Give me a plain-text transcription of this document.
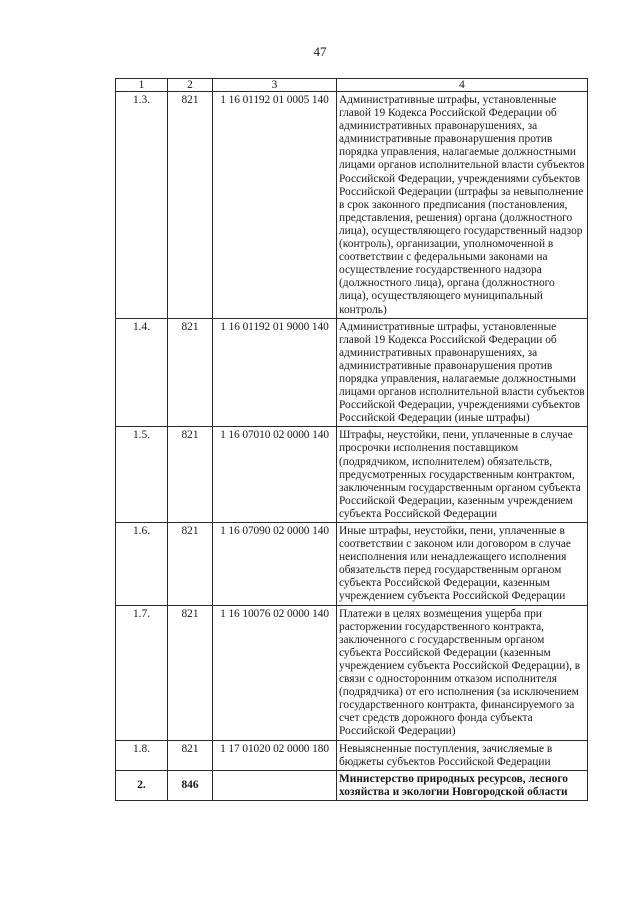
47
1	2	3	4
1.3.	821	1 16 01192 01 0005 140	Административные штрафы, установленные главой 19 Кодекса Российской Федерации об административных правонарушениях, за административные правонарушения против порядка управления, налагаемые должностными лицами органов исполнительной власти субъектов Российской Федерации, учреждениями субъектов Российской Федерации (штрафы за невыполнение в срок законного предписания (постановления, представления, решения) органа (должностного лица), осуществляющего государственный надзор (контроль), организации, уполномоченной в соответствии с федеральными законами на осуществление государственного надзора (должностного лица), органа (должностного лица), осуществляющего муниципальный контроль)
1.4.	821	1 16 01192 01 9000 140	Административные штрафы, установленные главой 19 Кодекса Российской Федерации об административных правонарушениях, за административные правонарушения против порядка управления, налагаемые должностными лицами органов исполнительной власти субъектов Российской Федерации, учреждениями субъектов Российской Федерации (иные штрафы)
1.5.	821	1 16 07010 02 0000 140	Штрафы, неустойки, пени, уплаченные в случае просрочки исполнения поставщиком (подрядчиком, исполнителем) обязательств, предусмотренных государственным контрактом, заключенным государственным органом субъекта Российской Федерации, казенным учреждением субъекта Российской Федерации
1.6.	821	1 16 07090 02 0000 140	Иные штрафы, неустойки, пени, уплаченные в соответствии с законом или договором в случае неисполнения или ненадлежащего исполнения обязательств перед государственным органом субъекта Российской Федерации, казенным учреждением субъекта Российской Федерации
1.7.	821	1 16 10076 02 0000 140	Платежи в целях возмещения ущерба при расторжении государственного контракта, заключенного с государственным органом субъекта Российской Федерации (казенным учреждением субъекта Российской Федерации), в связи с односторонним отказом исполнителя (подрядчика) от его исполнения (за исключением государственного контракта, финансируемого за счет средств дорожного фонда субъекта Российской Федерации)
1.8.	821	1 17 01020 02 0000 180	Невыясненные поступления, зачисляемые в бюджеты субъектов Российской Федерации
2.	846		Министерство природных ресурсов, лесного хозяйства и экологии Новгородской области
